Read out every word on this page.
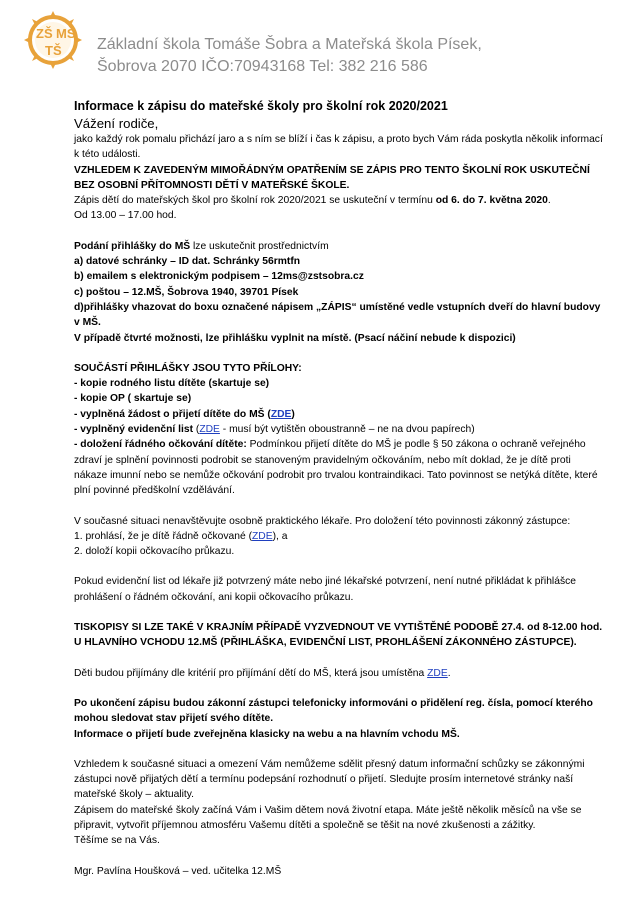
ZŠ MŠ
TŠ Základní škola Tomáše Šobra a Mateřská škola Písek,
Šobrova 2070 IČO:70943168 Tel: 382 216 586

Informace k zápisu do mateřské školy pro školní rok 2020/2021

Vážení rodiče,

jako každý rok pomalu přichází jaro a s ním se blíží i čas k zápisu, a proto bych Vám ráda poskytla několik informací k této události.

VZHLEDEM K ZAVEDENÝM MIMOŘÁDNÝM OPATŘENÍM SE ZÁPIS PRO TENTO ŠKOLNÍ ROK USKUTEČNÍ BEZ OSOBNÍ PŘÍTOMNOSTI DĚTÍ V MATEŘSKÉ ŠKOLE.

Zápis dětí do mateřských škol pro školní rok 2020/2021 se uskuteční v termínu od 6. do 7. května 2020.

Od 13.00 – 17.00 hod.

Podání přihlášky do MŠ lze uskutečnit prostřednictvím

a) datové schránky – ID dat. Schránky 56rmtfn

b) emailem s elektronickým podpisem – 12ms@zstsobra.cz

c) poštou – 12.MŠ, Šobrova 1940, 39701 Písek

d)přihlášky vhazovat do boxu označené nápisem „ZÁPIS“ umístěné vedle vstupních dveří do hlavní budovy v MŠ.

V případě čtvrté možnosti, lze přihlášku vyplnit na místě. (Psací náčiní nebude k dispozici)

SOUČÁSTÍ PŘIHLÁŠKY JSOU TYTO PŘÍLOHY:

- kopie rodného listu dítěte (skartuje se)

- kopie OP ( skartuje se)

- vyplněná žádost o přijetí dítěte do MŠ (ZDE)

- vyplněný evidenční list (ZDE - musí být vytištěn oboustranně – ne na dvou papírech)

- doložení řádného očkování dítěte: Podmínkou přijetí dítěte do MŠ je podle § 50 zákona o ochraně veřejného zdraví je splnění povinnosti podrobit se stanoveným pravidelným očkováním, nebo mít doklad, že je dítě proti nákaze imunní nebo se nemůže očkování podrobit pro trvalou kontraindikaci. Tato povinnost se netýká dítěte, které plní povinné předškolní vzdělávání.

V současné situaci nenavštěvujte osobně praktického lékaře. Pro doložení této povinnosti zákonný zástupce:

1. prohlásí, že je dítě řádně očkované (ZDE), a

2. doloží kopii očkovacího průkazu.

Pokud evidenční list od lékaře již potvrzený máte nebo jiné lékařské potvrzení, není nutné přikládat k přihlášce prohlášení o řádném očkování, ani kopii očkovacího průkazu.

TISKOPISY SI LZE TAKÉ V KRAJNÍM PŘÍPADĚ VYZVEDNOUT VE VYTIŠTĚNÉ PODOBĚ 27.4. od 8-12.00 hod. U HLAVNÍHO VCHODU 12.MŠ (PŘIHLÁŠKA, EVIDENČNÍ LIST, PROHLÁŠENÍ ZÁKONNÉHO ZÁSTUPCE).

Děti budou přijímány dle kritérií pro přijímání dětí do MŠ, která jsou umístěna ZDE.

Po ukončení zápisu budou zákonní zástupci telefonicky informováni o přidělení reg. čísla, pomocí kterého mohou sledovat stav přijetí svého dítěte.

Informace o přijetí bude zveřejněna klasicky na webu a na hlavním vchodu MŠ.

Vzhledem k současné situaci a omezení Vám nemůžeme sdělit přesný datum informační schůzky se zákonnými zástupci nově přijatých dětí a termínu podepsání rozhodnutí o přijetí. Sledujte prosím internetové stránky naší mateřské školy – aktuality.

Zápisem do mateřské školy začíná Vám i Vašim dětem nová životní etapa. Máte ještě několik měsíců na vše se připravit, vytvořit příjemnou atmosféru Vašemu dítěti a společně se těšit na nové zkušenosti a zážitky.

Těšíme se na Vás.

Mgr. Pavlína Houšková – ved. učitelka 12.MŠ
